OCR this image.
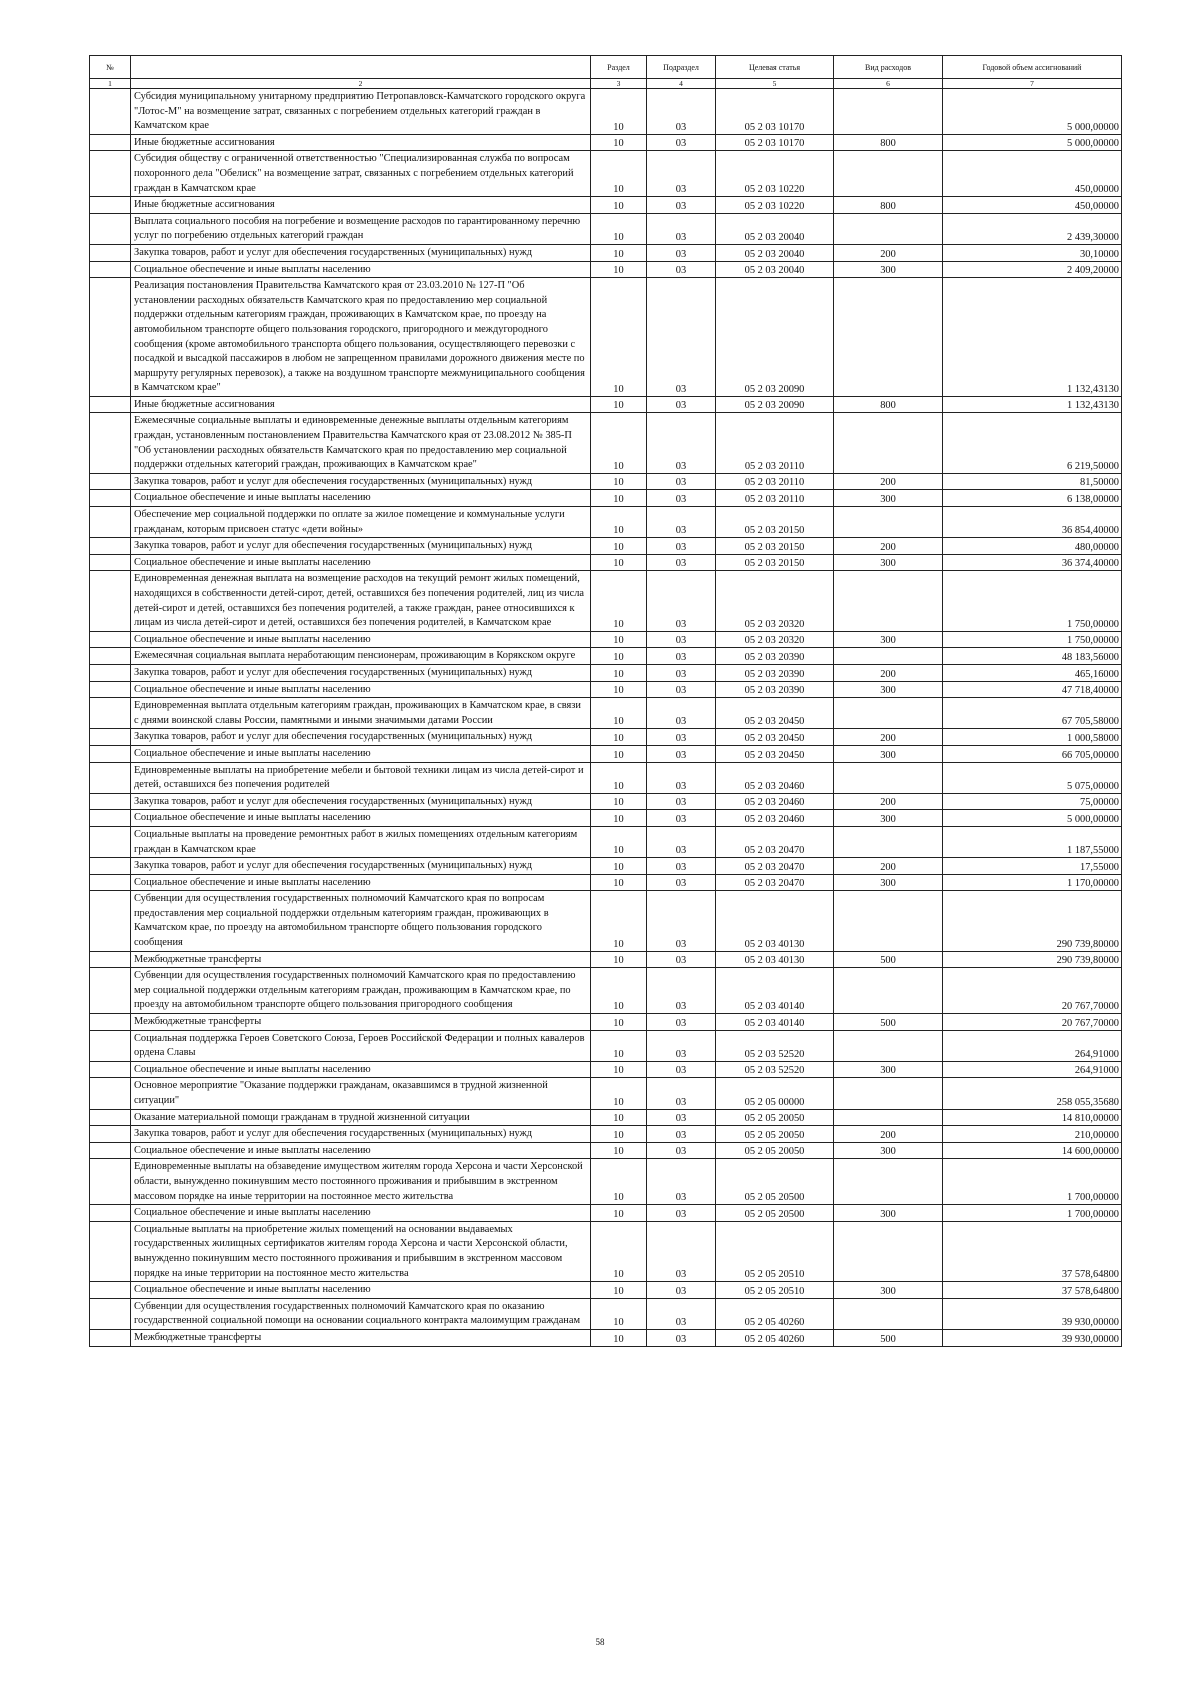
№		Раздел	Подраздел	Целевая статья	Вид расходов	Годовой объем ассигнований
1	2	3	4	5	6	7
	Субсидия муниципальному унитарному предприятию Петропавловск-Камчатского городского округа "Лотос-М" на возмещение затрат, связанных с погребением отдельных категорий граждан в Камчатском крае	10	03	05 2 03 10170		5 000,00000
	Иные бюджетные ассигнования	10	03	05 2 03 10170	800	5 000,00000
	Субсидия обществу с ограниченной ответственностью "Специализированная служба по вопросам похоронного дела "Обелиск" на возмещение затрат, связанных с погребением отдельных категорий граждан в Камчатском крае	10	03	05 2 03 10220		450,00000
	Иные бюджетные ассигнования	10	03	05 2 03 10220	800	450,00000
	Выплата социального пособия на погребение и возмещение расходов по гарантированному перечню услуг по погребению отдельных категорий граждан	10	03	05 2 03 20040		2 439,30000
	Закупка товаров, работ и услуг для обеспечения государственных (муниципальных) нужд	10	03	05 2 03 20040	200	30,10000
	Социальное обеспечение и иные выплаты населению	10	03	05 2 03 20040	300	2 409,20000
	Реализация постановления Правительства Камчатского края от 23.03.2010 № 127-П "Об установлении расходных обязательств Камчатского края по предоставлению мер социальной поддержки отдельным категориям граждан, проживающих в Камчатском крае, по проезду на автомобильном транспорте общего пользования городского, пригородного и междугородного сообщения (кроме автомобильного транспорта общего пользования, осуществляющего перевозки с посадкой и высадкой пассажиров в любом не запрещенном правилами дорожного движения месте по маршруту регулярных перевозок), а также на воздушном транспорте межмуниципального сообщения в Камчатском крае"	10	03	05 2 03 20090		1 132,43130
	Иные бюджетные ассигнования	10	03	05 2 03 20090	800	1 132,43130
	Ежемесячные социальные выплаты и единовременные денежные выплаты отдельным категориям граждан, установленным постановлением Правительства Камчатского края от 23.08.2012 № 385-П "Об установлении расходных обязательств Камчатского края по предоставлению мер социальной поддержки отдельных категорий граждан, проживающих в Камчатском крае"	10	03	05 2 03 20110		6 219,50000
	Закупка товаров, работ и услуг для обеспечения государственных (муниципальных) нужд	10	03	05 2 03 20110	200	81,50000
	Социальное обеспечение и иные выплаты населению	10	03	05 2 03 20110	300	6 138,00000
	Обеспечение мер социальной поддержки по оплате за жилое помещение и коммунальные услуги гражданам, которым присвоен статус «дети войны»	10	03	05 2 03 20150		36 854,40000
	Закупка товаров, работ и услуг для обеспечения государственных (муниципальных) нужд	10	03	05 2 03 20150	200	480,00000
	Социальное обеспечение и иные выплаты населению	10	03	05 2 03 20150	300	36 374,40000
	Единовременная денежная выплата на возмещение расходов на текущий ремонт жилых помещений, находящихся в собственности детей-сирот, детей, оставшихся без попечения родителей, лиц из числа детей-сирот и детей, оставшихся без попечения родителей, а также граждан, ранее относившихся к лицам из числа детей-сирот и детей, оставшихся без попечения родителей, в Камчатском крае	10	03	05 2 03 20320		1 750,00000
	Социальное обеспечение и иные выплаты населению	10	03	05 2 03 20320	300	1 750,00000
	Ежемесячная социальная выплата неработающим пенсионерам, проживающим в Корякском округе	10	03	05 2 03 20390		48 183,56000
	Закупка товаров, работ и услуг для обеспечения государственных (муниципальных) нужд	10	03	05 2 03 20390	200	465,16000
	Социальное обеспечение и иные выплаты населению	10	03	05 2 03 20390	300	47 718,40000
	Единовременная выплата отдельным категориям граждан, проживающих в Камчатском крае, в связи с днями воинской славы России, памятными и иными значимыми датами России	10	03	05 2 03 20450		67 705,58000
	Закупка товаров, работ и услуг для обеспечения государственных (муниципальных) нужд	10	03	05 2 03 20450	200	1 000,58000
	Социальное обеспечение и иные выплаты населению	10	03	05 2 03 20450	300	66 705,00000
	Единовременные выплаты на приобретение мебели и бытовой техники лицам из числа детей-сирот и детей, оставшихся без попечения родителей	10	03	05 2 03 20460		5 075,00000
	Закупка товаров, работ и услуг для обеспечения государственных (муниципальных) нужд	10	03	05 2 03 20460	200	75,00000
	Социальное обеспечение и иные выплаты населению	10	03	05 2 03 20460	300	5 000,00000
	Социальные выплаты на проведение ремонтных работ в жилых помещениях отдельным категориям граждан в Камчатском крае	10	03	05 2 03 20470		1 187,55000
	Закупка товаров, работ и услуг для обеспечения государственных (муниципальных) нужд	10	03	05 2 03 20470	200	17,55000
	Социальное обеспечение и иные выплаты населению	10	03	05 2 03 20470	300	1 170,00000
	Субвенции для осуществления государственных полномочий Камчатского края по вопросам предоставления мер социальной поддержки отдельным категориям граждан, проживающих в Камчатском крае, по проезду на автомобильном транспорте общего пользования городского сообщения	10	03	05 2 03 40130		290 739,80000
	Межбюджетные трансферты	10	03	05 2 03 40130	500	290 739,80000
	Субвенции для осуществления государственных полномочий Камчатского края по предоставлению мер социальной поддержки отдельным категориям граждан, проживающим в Камчатском крае, по проезду на автомобильном транспорте общего пользования пригородного сообщения	10	03	05 2 03 40140		20 767,70000
	Межбюджетные трансферты	10	03	05 2 03 40140	500	20 767,70000
	Социальная поддержка Героев Советского Союза, Героев Российской Федерации и полных кавалеров ордена Славы	10	03	05 2 03 52520		264,91000
	Социальное обеспечение и иные выплаты населению	10	03	05 2 03 52520	300	264,91000
	Основное мероприятие "Оказание поддержки гражданам, оказавшимся в трудной жизненной ситуации"	10	03	05 2 05 00000		258 055,35680
	Оказание материальной помощи гражданам в трудной жизненной ситуации	10	03	05 2 05 20050		14 810,00000
	Закупка товаров, работ и услуг для обеспечения государственных (муниципальных) нужд	10	03	05 2 05 20050	200	210,00000
	Социальное обеспечение и иные выплаты населению	10	03	05 2 05 20050	300	14 600,00000
	Единовременные выплаты на обзаведение имуществом жителям города Херсона и части Херсонской области, вынужденно покинувшим место постоянного проживания и прибывшим в экстренном массовом порядке на иные территории на постоянное место жительства	10	03	05 2 05 20500		1 700,00000
	Социальное обеспечение и иные выплаты населению	10	03	05 2 05 20500	300	1 700,00000
	Социальные выплаты на приобретение жилых помещений на основании выдаваемых государственных жилищных сертификатов жителям города Херсона и части Херсонской области, вынужденно покинувшим место постоянного проживания и прибывшим в экстренном массовом порядке на иные территории на постоянное место жительства	10	03	05 2 05 20510		37 578,64800
	Социальное обеспечение и иные выплаты населению	10	03	05 2 05 20510	300	37 578,64800
	Субвенции для осуществления государственных полномочий Камчатского края по оказанию государственной социальной помощи на основании социального контракта малоимущим гражданам	10	03	05 2 05 40260		39 930,00000
	Межбюджетные трансферты	10	03	05 2 05 40260	500	39 930,00000
58
